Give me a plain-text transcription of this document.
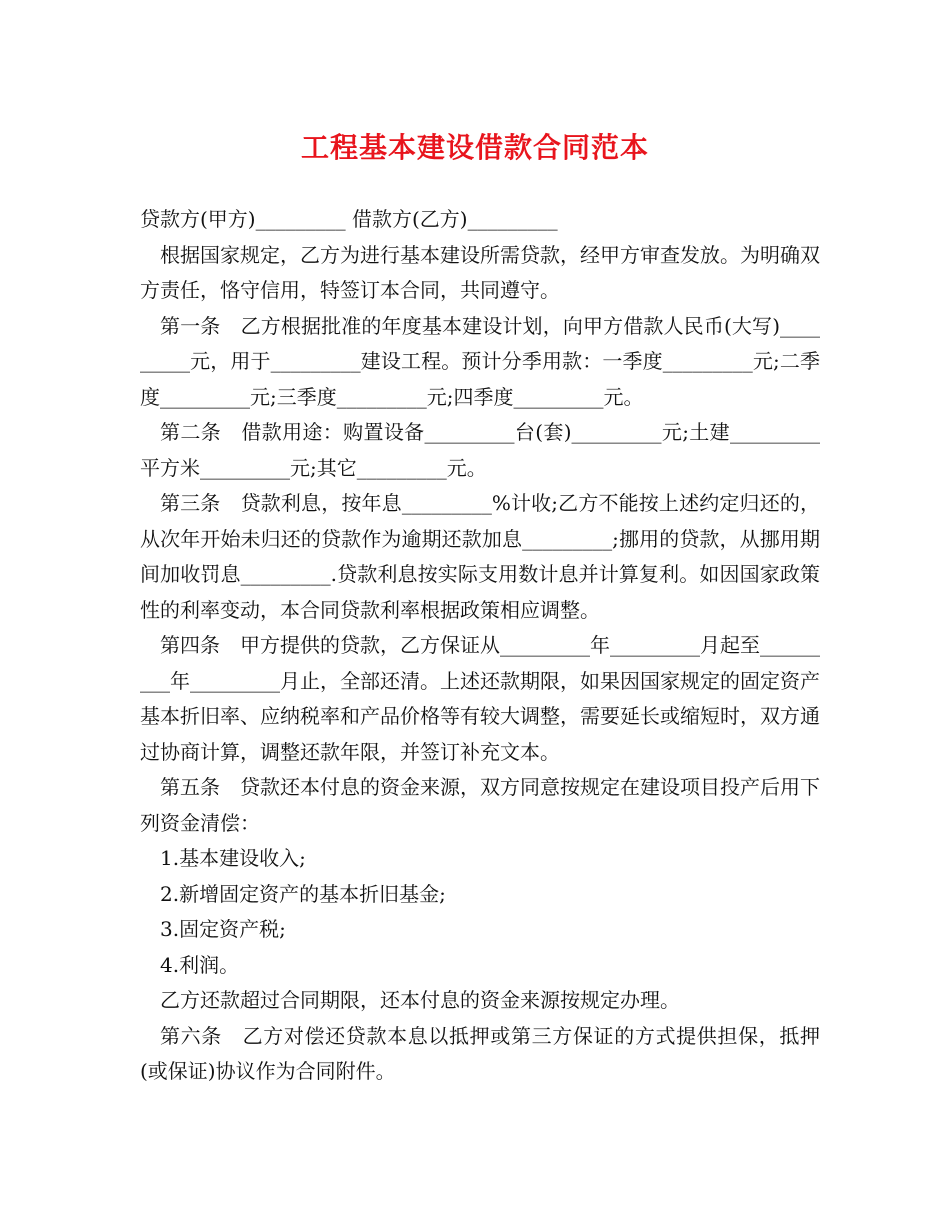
工程基本建设借款合同范本

贷款方(甲方)_________ 借款方(乙方)_________

根据国家规定，乙方为进行基本建设所需贷款，经甲方审查发放。为明确双方责任，恪守信用，特签订本合同，共同遵守。

第一条　乙方根据批准的年度基本建设计划，向甲方借款人民币(大写)_________元，用于_________建设工程。预计分季用款：一季度_________元;二季度_________元;三季度_________元;四季度_________元。

第二条　借款用途：购置设备_________台(套)_________元;土建_________平方米_________元;其它_________元。

第三条　贷款利息，按年息_________%计收;乙方不能按上述约定归还的，从次年开始未归还的贷款作为逾期还款加息_________;挪用的贷款，从挪用期间加收罚息_________.贷款利息按实际支用数计息并计算复利。如因国家政策性的利率变动，本合同贷款利率根据政策相应调整。

第四条　甲方提供的贷款，乙方保证从_________年_________月起至_________年_________月止，全部还清。上述还款期限，如果因国家规定的固定资产基本折旧率、应纳税率和产品价格等有较大调整，需要延长或缩短时，双方通过协商计算，调整还款年限，并签订补充文本。

第五条　贷款还本付息的资金来源，双方同意按规定在建设项目投产后用下列资金清偿：

1.基本建设收入;

2.新增固定资产的基本折旧基金;

3.固定资产税;

4.利润。

乙方还款超过合同期限，还本付息的资金来源按规定办理。

第六条　乙方对偿还贷款本息以抵押或第三方保证的方式提供担保，抵押(或保证)协议作为合同附件。
